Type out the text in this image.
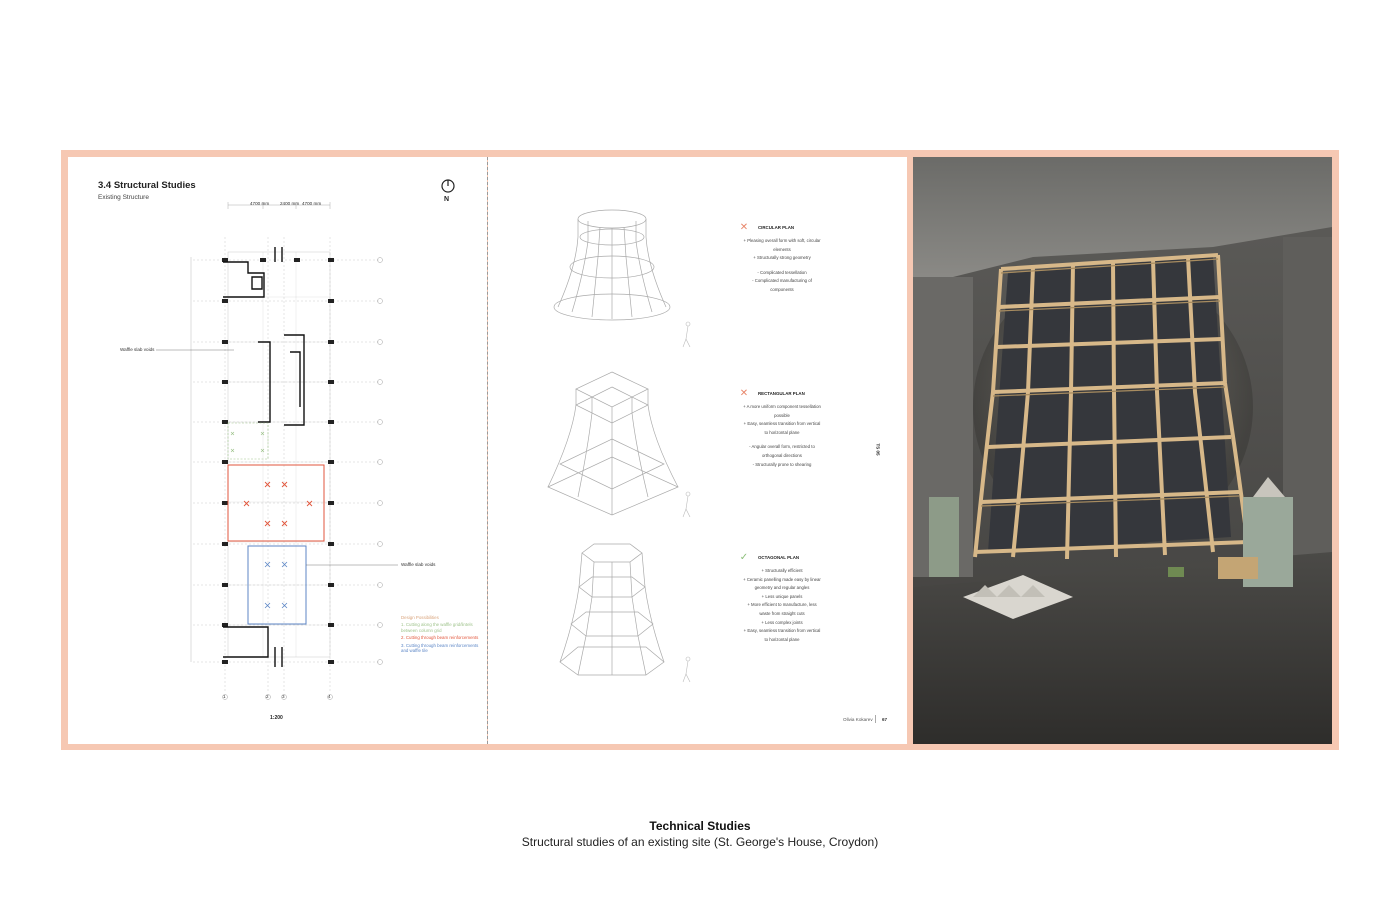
3.4 Structural Studies
Existing Structure	N
4700 mm 2400 mm 4700 mm
Waffle slab voids
Waffle slab voids
1	2	3	4
Design Possibilities
1. Cutting along the waffle grid/lintels between column grid
2. Cutting through beam reinforcements
3. Cutting through beam reinforcements and waffle tile
1:200
✕	CIRCULAR PLAN
+ Pleasing overall form with soft, circular elements
+ Structurally strong geometry
- Complicated tessellation
- Complicated manufacturing of components
✕	RECTANGULAR PLAN
+ A more uniform component tessellation possible
+ Easy, seamless transition from vertical to horizontal plane
- Angular overall form, restricted to orthogonal directions
- Structurally prone to shearing
✓	OCTAGONAL PLAN
+ Structurally efficient
+ Ceramic panelling made easy by linear geometry and regular angles
+ Less unique panels
+ More efficient to manufacture, less waste from straight cuts
+ Less complex joints
+ Easy, seamless transition from vertical to horizontal plane
TS 05
Olivia Kokarev 67
Technical Studies
Structural studies of an existing site (St. George's House, Croydon)
